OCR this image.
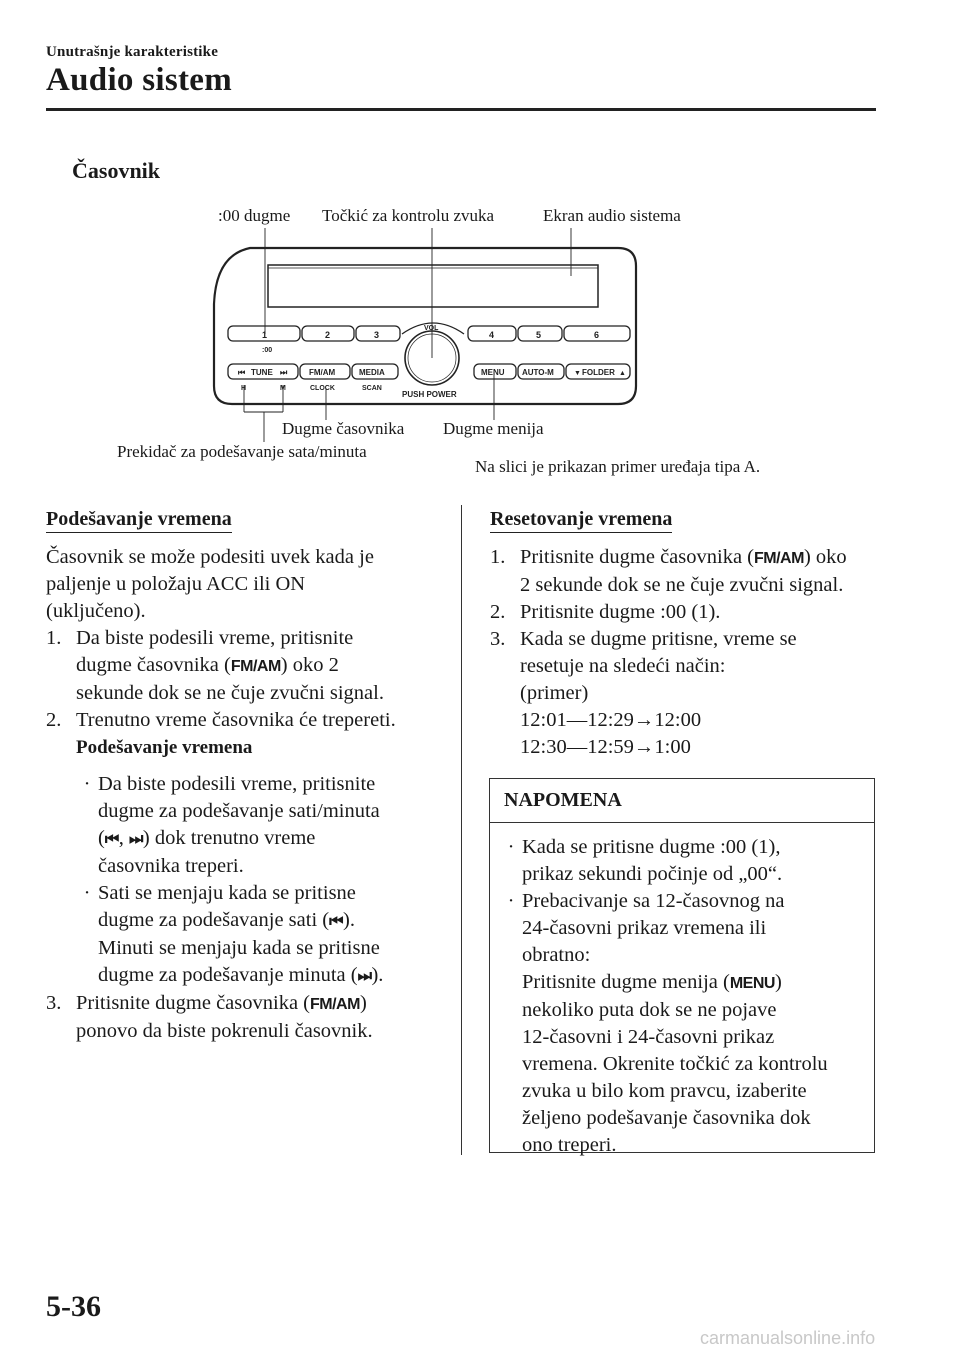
Unutrašnje karakteristike
Audio sistem
Časovnik
:00 dugme Točkić za kontrolu zvuka	Ekran audio sistema
Dugme časovnika Dugme menija
Prekidač za podešavanje sata/minuta
Na slici je prikazan primer uređaja tipa A.
1	2	3	4	5	6
:00
VOL
PUSH POWER
⏮ TUNE ⏭	FM/AM	MEDIA
H	M	CLOCK	SCAN
MENU AUTO-M	▼ FOLDER ▲
Podešavanje vremena
Časovnik se može podesiti uvek kada je
paljenje u položaju ACC ili ON
(uključeno).
1. Da biste podesili vreme, pritisnite
dugme časovnika (FM/AM) oko 2
sekunde dok se ne čuje zvučni signal.
2. Trenutno vreme časovnika će trepereti.
Podešavanje vremena
· Da biste podesili vreme, pritisnite
dugme za podešavanje sati/minuta
(⏮, ⏭) dok trenutno vreme
časovnika treperi.
· Sati se menjaju kada se pritisne
dugme za podešavanje sati (⏮).
Minuti se menjaju kada se pritisne
dugme za podešavanje minuta (⏭).
3. Pritisnite dugme časovnika (FM/AM)
ponovo da biste pokrenuli časovnik.
Resetovanje vremena
1. Pritisnite dugme časovnika (FM/AM) oko
2 sekunde dok se ne čuje zvučni signal.
2. Pritisnite dugme :00 (1).
3. Kada se dugme pritisne, vreme se
resetuje na sledeći način:
(primer)
12:01—12:29→12:00
12:30—12:59→1:00
NAPOMENA
· Kada se pritisne dugme :00 (1),
prikaz sekundi počinje od „00“.
· Prebacivanje sa 12-časovnog na
24-časovni prikaz vremena ili
obratno:
Pritisnite dugme menija (MENU)
nekoliko puta dok se ne pojave
12-časovni i 24-časovni prikaz
vremena. Okrenite točkić za kontrolu
zvuka u bilo kom pravcu, izaberite
željeno podešavanje časovnika dok
ono treperi.
5-36
carmanualsonline.info
